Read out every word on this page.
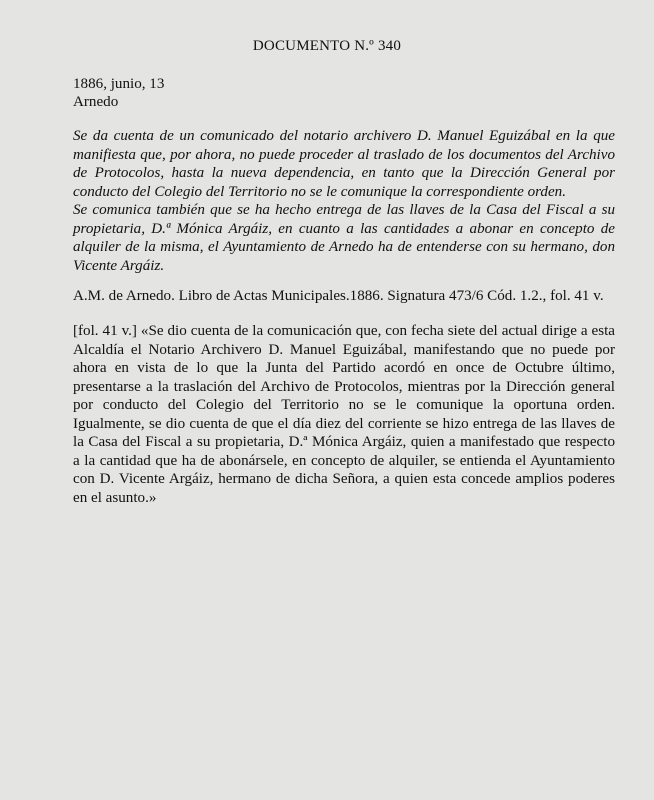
DOCUMENTO N.º 340
1886, junio, 13
Arnedo

Se da cuenta de un comunicado del notario archivero D. Manuel Eguizábal en la que manifiesta que, por ahora, no puede proceder al traslado de los documentos del Archivo de Protocolos, hasta la nueva dependencia, en tanto que la Dirección General por conducto del Colegio del Territorio no se le comunique la correspondiente orden.

Se comunica también que se ha hecho entrega de las llaves de la Casa del Fiscal a su propietaria, D.ª Mónica Argáiz, en cuanto a las cantidades a abonar en concepto de alquiler de la misma, el Ayuntamiento de Arnedo ha de entenderse con su hermano, don Vicente Argáiz.

A.M. de Arnedo. Libro de Actas Municipales.1886. Signatura 473/6 Cód. 1.2., fol. 41 v.

[fol. 41 v.] «Se dio cuenta de la comunicación que, con fecha siete del actual dirige a esta Alcaldía el Notario Archivero D. Manuel Eguizábal, manifestando que no puede por ahora en vista de lo que la Junta del Partido acordó en once de Octubre último, presentarse a la traslación del Archivo de Protocolos, mientras por la Dirección general por conducto del Colegio del Territorio no se le comunique la oportuna orden. Igualmente, se dio cuenta de que el día diez del corriente se hizo entrega de las llaves de la Casa del Fiscal a su propietaria, D.ª Mónica Argáiz, quien a manifestado que respecto a la cantidad que ha de abonársele, en concepto de alquiler, se entienda el Ayuntamiento con D. Vicente Argáiz, hermano de dicha Señora, a quien esta concede amplios poderes en el asunto.»
